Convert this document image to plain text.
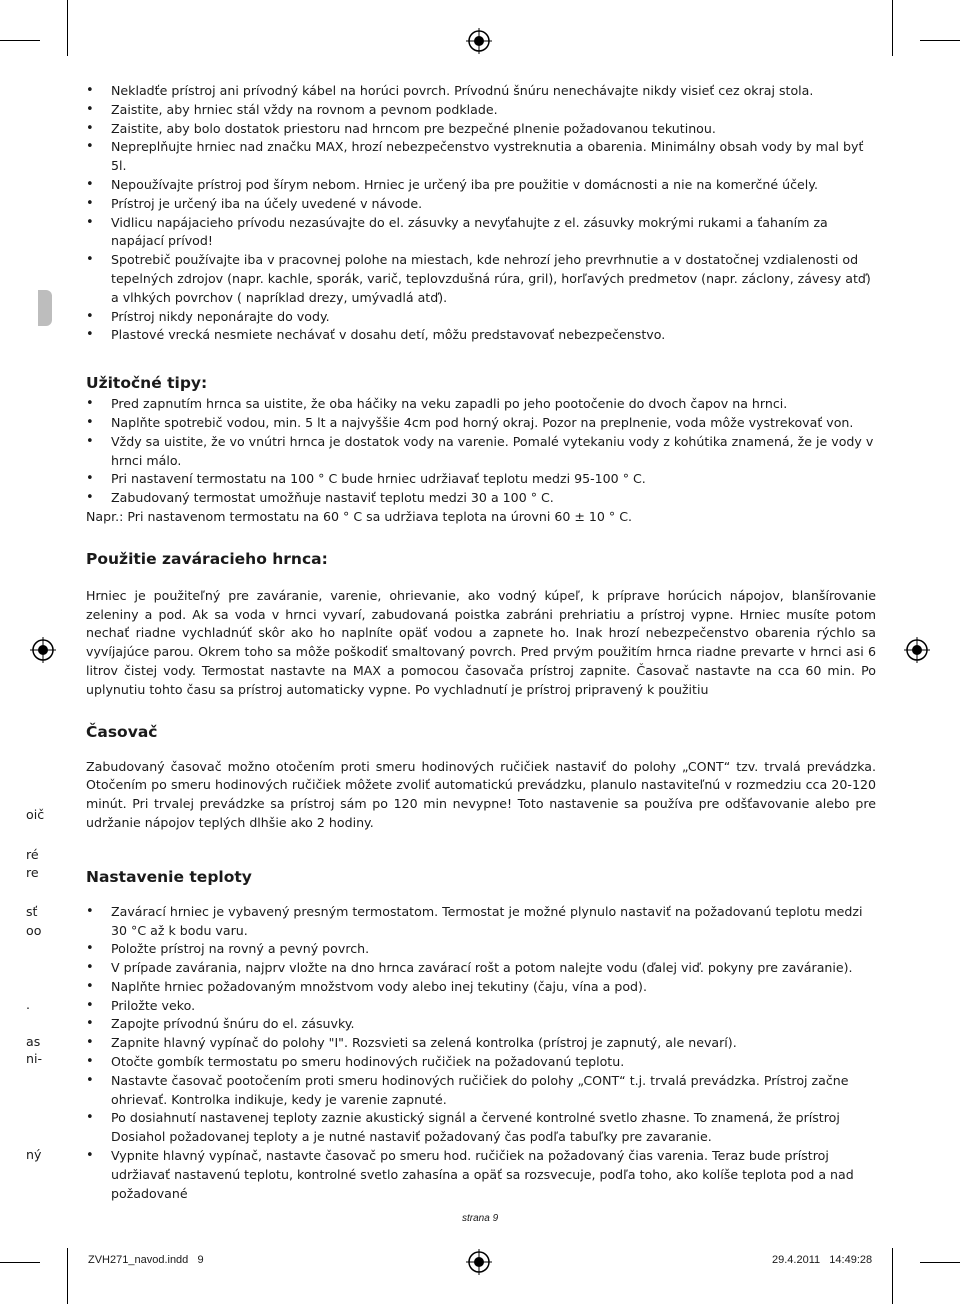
oič
ré
re
sť
oo
.
as
ni-
ný
• Nekladťe prístroj ani prívodný kábel na horúci povrch. Prívodnú šnúru nenechávajte nikdy visieť cez okraj stola.
• Zaistite, aby hrniec stál vždy na rovnom a pevnom podklade.
• Zaistite, aby bolo dostatok priestoru nad hrncom pre bezpečné plnenie požadovanou tekutinou.
• Nepreplňujte hrniec nad značku MAX, hrozí nebezpečenstvo vystreknutia a obarenia. Minimálny obsah vody by mal byť 5l.
• Nepoužívajte prístroj pod šírym nebom. Hrniec je určený iba pre použitie v domácnosti a nie na komerčné účely.
• Prístroj je určený iba na účely uvedené v návode.
• Vidlicu napájacieho prívodu nezasúvajte do el. zásuvky a nevyťahujte z el. zásuvky mokrými rukami a ťahaním za napájací prívod!
• Spotrebič používajte iba v pracovnej polohe na miestach, kde nehrozí jeho prevrhnutie a v dostatočnej vzdialenosti od tepelných zdrojov (napr. kachle, sporák, varič, teplovzdušná rúra, gril), horľavých predmetov (napr. záclony, závesy atď) a vlhkých povrchov ( napríklad drezy, umývadlá atď).
• Prístroj nikdy neponárajte do vody.
• Plastové vrecká nesmiete nechávať v dosahu detí, môžu predstavovať nebezpečenstvo.
Užitočné tipy:
• Pred zapnutím hrnca sa uistite, že oba háčiky na veku zapadli po jeho pootočenie do dvoch čapov na hrnci.
• Naplňte spotrebič vodou, min. 5 lt a najvyššie 4cm pod horný okraj. Pozor na preplnenie, voda môže vystrekovať von.
• Vždy sa uistite, že vo vnútri hrnca je dostatok vody na varenie. Pomalé vytekaniu vody z kohútika znamená, že je vody v hrnci málo.
• Pri nastavení termostatu na 100 ° C bude hrniec udržiavať teplotu medzi 95-100 ° C.
• Zabudovaný termostat umožňuje nastaviť teplotu medzi 30 a 100 ° C.

Napr.: Pri nastavenom termostatu na 60 ° C sa udržiava teplota na úrovni 60 ± 10 ° C.

Použitie zaváracieho hrnca:

Hrniec je použiteľný pre zaváranie, varenie, ohrievanie, ako vodný kúpeľ, k príprave horúcich nápojov, blanšírovanie zeleniny a pod. Ak sa voda v hrnci vyvarí, zabudovaná poistka zabráni prehriatiu a prístroj vypne. Hrniec musíte potom nechať riadne vychladnúť skôr ako ho naplníte opäť vodou a zapnete ho. Inak hrozí nebezpečenstvo obarenia rýchlo sa vyvíjajúce parou. Okrem toho sa môže poškodiť smaltovaný povrch. Pred prvým použitím hrnca riadne prevarte v hrnci asi 6 litrov čistej vody. Termostat nastavte na MAX a pomocou časovača prístroj zapnite. Časovač nastavte na cca 60 min. Po uplynutiu tohto času sa prístroj automaticky vypne. Po vychladnutí je prístroj pripravený k použitiu

Časovač

Zabudovaný časovač možno otočením proti smeru hodinových ručičiek nastaviť do polohy „CONT“ tzv. trvalá prevádzka. Otočením po smeru hodinových ručičiek môžete zvoliť automatickú prevádzku, planulo nastaviteľnú v rozmedziu cca 20-120 minút. Pri trvalej prevádzke sa prístroj sám po 120 min nevypne! Toto nastavenie sa používa pre odšťavovanie alebo pre udržanie nápojov teplých dlhšie ako 2 hodiny.

Nastavenie teploty
• Zavárací hrniec je vybavený presným termostatom. Termostat je možné plynulo nastaviť na požadovanú teplotu medzi 30 °C až k bodu varu.
• Položte prístroj na rovný a pevný povrch.
• V prípade zavárania, najprv vložte na dno hrnca zavárací rošt a potom nalejte vodu (ďalej viď. pokyny pre zaváranie).
• Naplňte hrniec požadovaným množstvom vody alebo inej tekutiny (čaju, vína a pod).
• Priložte veko.
• Zapojte prívodnú šnúru do el. zásuvky.
• Zapnite hlavný vypínač do polohy "I". Rozsvieti sa zelená kontrolka (prístroj je zapnutý, ale nevarí).
• Otočte gombík termostatu po smeru hodinových ručičiek na požadovanú teplotu.
• Nastavte časovač pootočením proti smeru hodinových ručičiek do polohy „CONT“ t.j. trvalá prevádzka. Prístroj začne ohrievať. Kontrolka indikuje, kedy je varenie zapnuté.
• Po dosiahnutí nastavenej teploty zaznie akustický signál a červené kontrolné svetlo zhasne. To znamená, že prístroj Dosiahol požadovanej teploty a je nutné nastaviť požadovaný čas podľa tabuľky pre zavaranie.
• Vypnite hlavný vypínač, nastavte časovač po smeru hod. ručičiek na požadovaný čias varenia. Teraz bude prístroj udržiavať nastavenú teplotu, kontrolné svetlo zahasína a opäť sa rozsvecuje, podľa toho, ako kolíše teplota pod a nad požadované
strana 9
ZVH271_navod.indd   9	29.4.2011   14:49:28
